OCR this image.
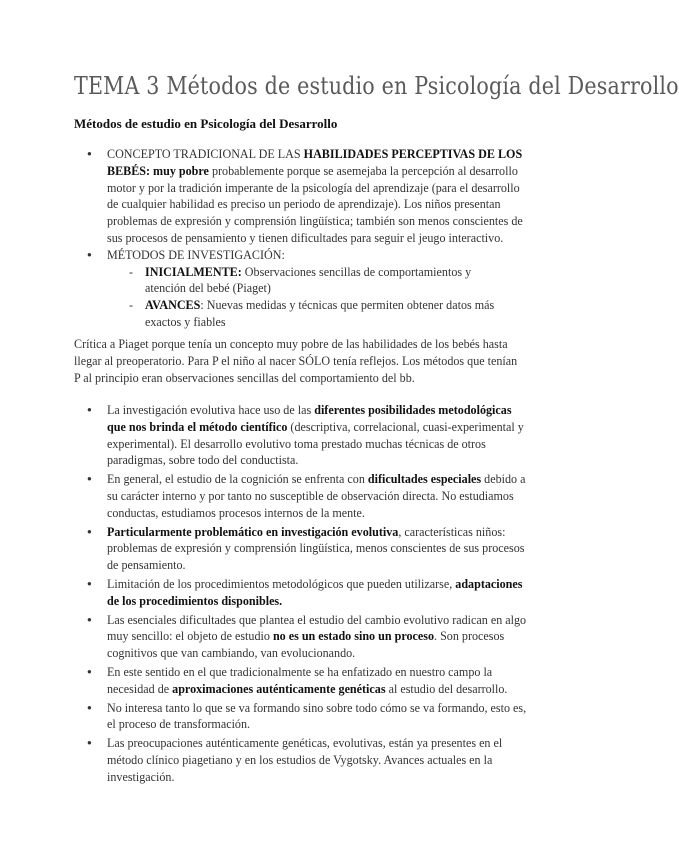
TEMA 3 Métodos de estudio en Psicología del Desarrollo
Métodos de estudio en Psicología del Desarrollo
● CONCEPTO TRADICIONAL DE LAS HABILIDADES PERCEPTIVAS DE LOS BEBÉS: muy pobre probablemente porque se asemejaba la percepción al desarrollo motor y por la tradición imperante de la psicología del aprendizaje (para el desarrollo de cualquier habilidad es preciso un periodo de aprendizaje). Los niños presentan problemas de expresión y comprensión lingüística; también son menos conscientes de sus procesos de pensamiento y tienen dificultades para seguir el jeugo interactivo.
● MÉTODOS DE INVESTIGACIÓN:
- INICIALMENTE: Observaciones sencillas de comportamientos y atención del bebé (Piaget)
- AVANCES: Nuevas medidas y técnicas que permiten obtener datos más exactos y fiables
Crítica a Piaget porque tenía un concepto muy pobre de las habilidades de los bebés hasta llegar al preoperatorio. Para P el niño al nacer SÓLO tenía reflejos. Los métodos que tenían P al principio eran observaciones sencillas del comportamiento del bb.
● La investigación evolutiva hace uso de las diferentes posibilidades metodológicas que nos brinda el método científico (descriptiva, correlacional, cuasi-experimental y experimental). El desarrollo evolutivo toma prestado muchas técnicas de otros paradigmas, sobre todo del conductista.
● En general, el estudio de la cognición se enfrenta con dificultades especiales debido a su carácter interno y por tanto no susceptible de observación directa. No estudiamos conductas, estudiamos procesos internos de la mente.
● Particularmente problemático en investigación evolutiva, características niños: problemas de expresión y comprensión lingüística, menos conscientes de sus procesos de pensamiento.
● Limitación de los procedimientos metodológicos que pueden utilizarse, adaptaciones de los procedimientos disponibles.
● Las esenciales dificultades que plantea el estudio del cambio evolutivo radican en algo muy sencillo: el objeto de estudio no es un estado sino un proceso. Son procesos cognitivos que van cambiando, van evolucionando.
● En este sentido en el que tradicionalmente se ha enfatizado en nuestro campo la necesidad de aproximaciones auténticamente genéticas al estudio del desarrollo.
● No interesa tanto lo que se va formando sino sobre todo cómo se va formando, esto es, el proceso de transformación.
● Las preocupaciones auténticamente genéticas, evolutivas, están ya presentes en el método clínico piagetiano y en los estudios de Vygotsky. Avances actuales en la investigación.
